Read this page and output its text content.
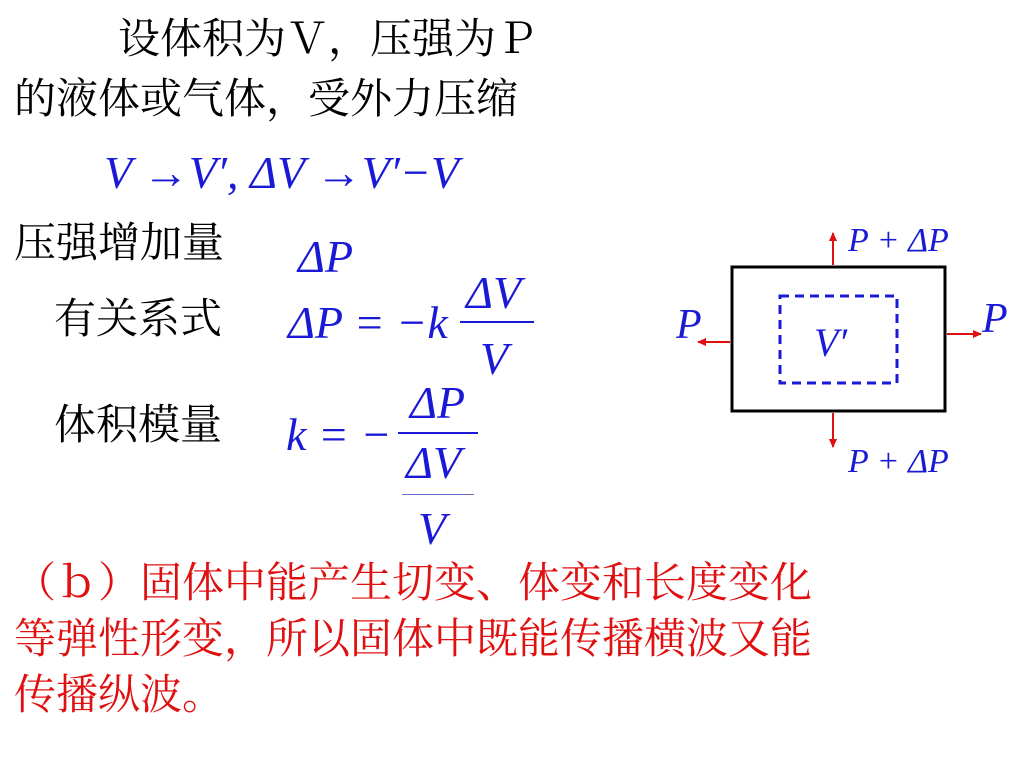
设体积为Ｖ，压强为Ｐ
的液体或气体，受外力压缩
V →V′, ΔV →V′−V
压强增加量 ΔP
有关系式 ΔP = −k
ΔV
V
体积模量 k = −
ΔP
ΔV
V
（ｂ）固体中能产生切变、体变和长度变化
等弹性形变，所以固体中既能传播横波又能
传播纵波。
P + ΔP
P + ΔP
P	P
V′
